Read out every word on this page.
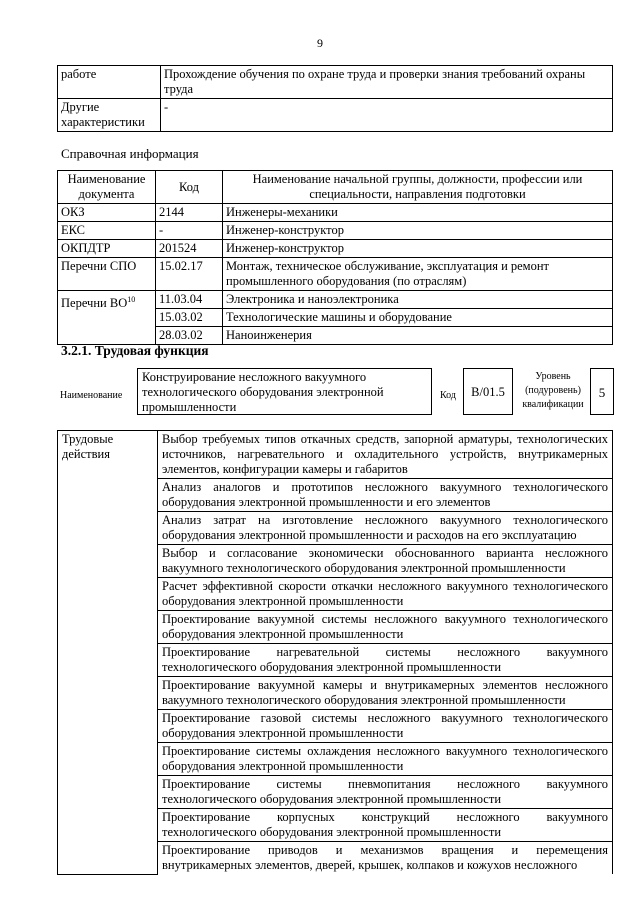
9
работе	Прохождение обучения по охране труда и проверки знания требований охраны труда
Другие характеристики	-
Справочная информация
Наименование документа	Код	Наименование начальной группы, должности, профессии или специальности, направления подготовки
ОКЗ	2144	Инженеры-механики
ЕКС	-	Инженер-конструктор
ОКПДТР	201524	Инженер-конструктор
Перечни СПО	15.02.17	Монтаж, техническое обслуживание, эксплуатация и ремонт промышленного оборудования (по отраслям)
Перечни ВО$^{10}$	11.03.04	Электроника и наноэлектроника
	15.03.02	Технологические машины и оборудование
	28.03.02	Наноинженерия
3.2.1. Трудовая функция
Наименование
Конструирование несложного вакуумного технологического оборудования электронной промышленности
Код	B/01.5
Уровень (подуровень) квалификации
5
Трудовые действия	Выбор требуемых типов откачных средств, запорной арматуры, технологических источников, нагревательного и охладительного устройств, внутрикамерных элементов, конфигурации камеры и габаритов
Анализ аналогов и прототипов несложного вакуумного технологического оборудования электронной промышленности и его элементов
Анализ затрат на изготовление несложного вакуумного технологического оборудования электронной промышленности и расходов на его эксплуатацию
Выбор и согласование экономически обоснованного варианта несложного вакуумного технологического оборудования электронной промышленности
Расчет эффективной скорости откачки несложного вакуумного технологического оборудования электронной промышленности
Проектирование вакуумной системы несложного вакуумного технологического оборудования электронной промышленности
Проектирование нагревательной системы несложного вакуумного технологического оборудования электронной промышленности
Проектирование вакуумной камеры и внутрикамерных элементов несложного вакуумного технологического оборудования электронной промышленности
Проектирование газовой системы несложного вакуумного технологического оборудования электронной промышленности
Проектирование системы охлаждения несложного вакуумного технологического оборудования электронной промышленности
Проектирование системы пневмопитания несложного вакуумного технологического оборудования электронной промышленности
Проектирование корпусных конструкций несложного вакуумного технологического оборудования электронной промышленности
Проектирование приводов и механизмов вращения и перемещения внутрикамерных элементов, дверей, крышек, колпаков и кожухов несложного
